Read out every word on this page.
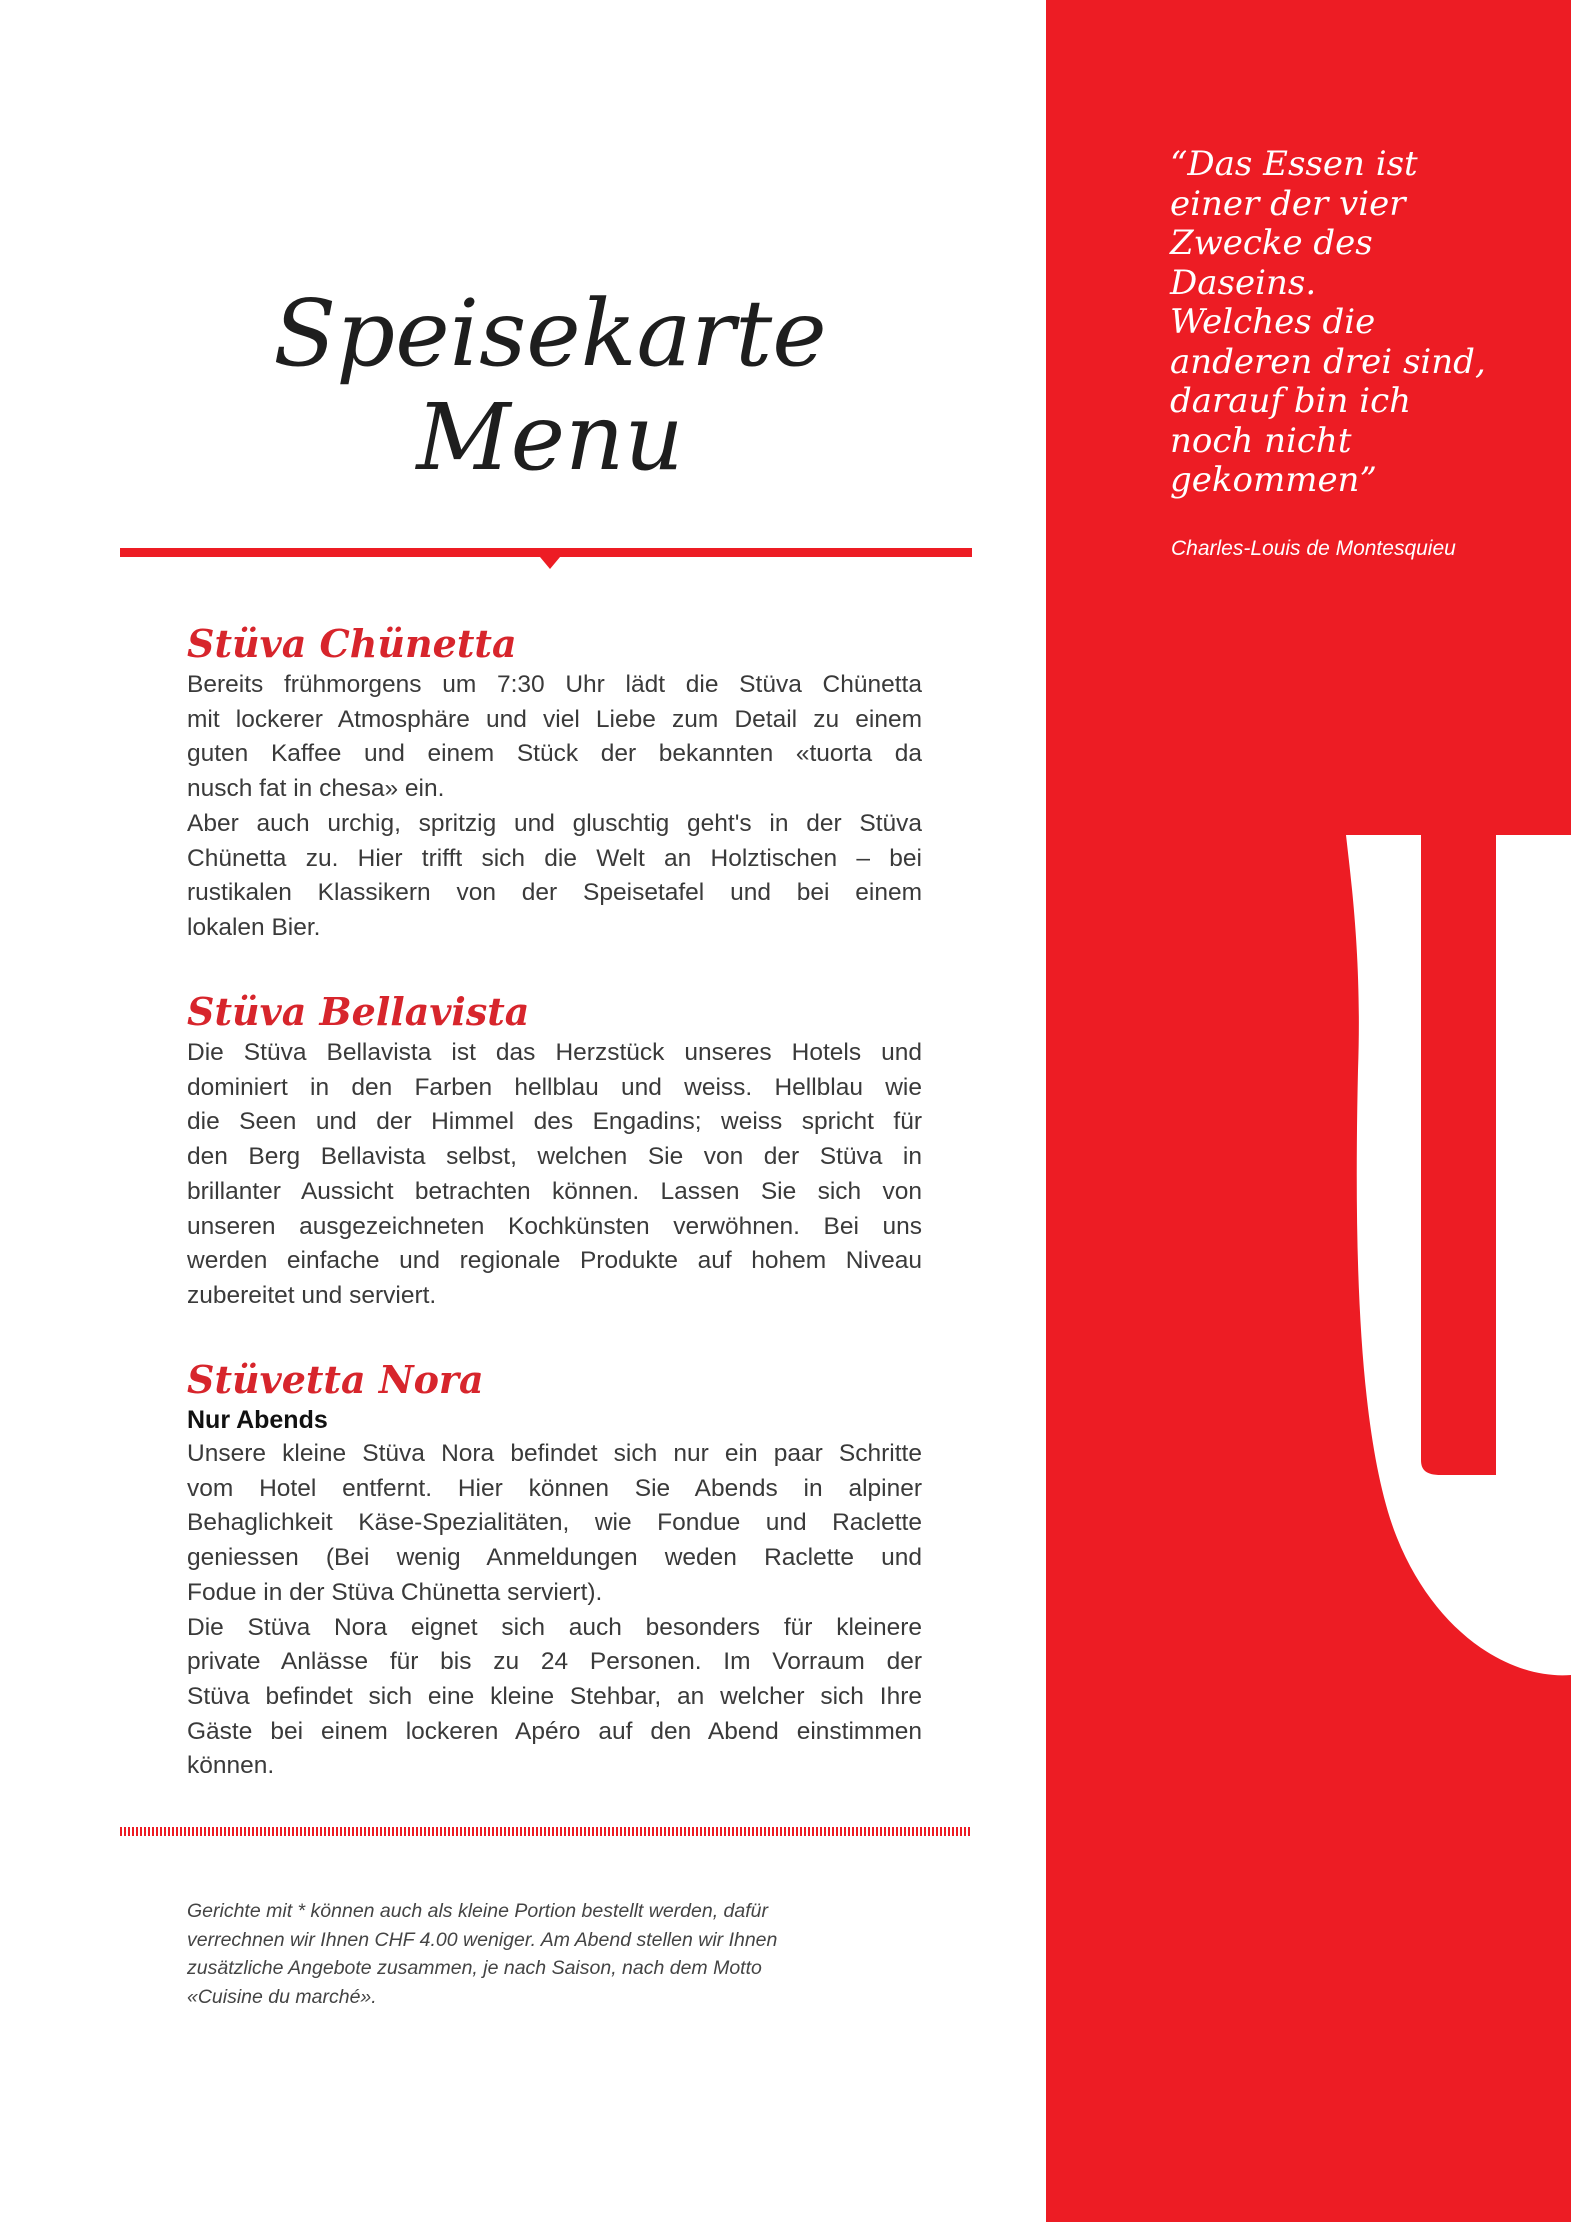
“Das Essen ist
einer der vier
Zwecke des
Daseins.
Welches die
anderen drei sind,
darauf bin ich
noch nicht
gekommen”

Charles-Louis de Montesquieu
Speisekarte
Menu
Stüva Chünetta
Bereits frühmorgens um 7:30 Uhr lädt die Stüva Chünetta
mit lockerer Atmosphäre und viel Liebe zum Detail zu einem
guten Kaffee und einem Stück der bekannten «tuorta da
nusch fat in chesa» ein.
Aber auch urchig, spritzig und gluschtig geht's in der Stüva
Chünetta zu. Hier trifft sich die Welt an Holztischen – bei
rustikalen Klassikern von der Speisetafel und bei einem
lokalen Bier.
Stüva Bellavista
Die Stüva Bellavista ist das Herzstück unseres Hotels und
dominiert in den Farben hellblau und weiss. Hellblau wie
die Seen und der Himmel des Engadins; weiss spricht für
den Berg Bellavista selbst, welchen Sie von der Stüva in
brillanter Aussicht betrachten können. Lassen Sie sich von
unseren ausgezeichneten Kochkünsten verwöhnen. Bei uns
werden einfache und regionale Produkte auf hohem Niveau
zubereitet und serviert.
Stüvetta Nora
Nur Abends
Unsere kleine Stüva Nora befindet sich nur ein paar Schritte
vom Hotel entfernt. Hier können Sie Abends in alpiner
Behaglichkeit Käse-Spezialitäten, wie Fondue und Raclette
geniessen (Bei wenig Anmeldungen weden Raclette und
Fodue in der Stüva Chünetta serviert).
Die Stüva Nora eignet sich auch besonders für kleinere
private Anlässe für bis zu 24 Personen. Im Vorraum der
Stüva befindet sich eine kleine Stehbar, an welcher sich Ihre
Gäste bei einem lockeren Apéro auf den Abend einstimmen
können.
Gerichte mit * können auch als kleine Portion bestellt werden, dafür
verrechnen wir Ihnen CHF 4.00 weniger. Am Abend stellen wir Ihnen
zusätzliche Angebote zusammen, je nach Saison, nach dem Motto
«Cuisine du marché».
